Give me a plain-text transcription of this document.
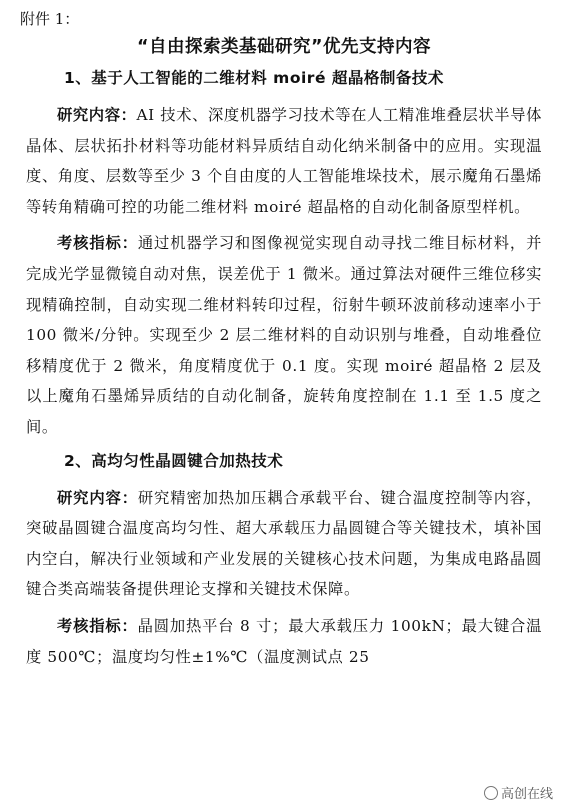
附件 1：
“自由探索类基础研究”优先支持内容
1、基于人工智能的二维材料 moiré 超晶格制备技术

研究内容：AI 技术、深度机器学习技术等在人工精准堆叠层状半导体晶体、层状拓扑材料等功能材料异质结自动化纳米制备中的应用。实现温度、角度、层数等至少 3 个自由度的人工智能堆垛技术，展示魔角石墨烯等转角精确可控的功能二维材料 moiré 超晶格的自动化制备原型样机。

考核指标：通过机器学习和图像视觉实现自动寻找二维目标材料，并完成光学显微镜自动对焦，误差优于 1 微米。通过算法对硬件三维位移实现精确控制，自动实现二维材料转印过程，衍射牛顿环波前移动速率小于 100 微米/分钟。实现至少 2 层二维材料的自动识别与堆叠，自动堆叠位移精度优于 2 微米，角度精度优于 0.1 度。实现 moiré 超晶格 2 层及以上魔角石墨烯异质结的自动化制备，旋转角度控制在 1.1 至 1.5 度之间。

2、高均匀性晶圆键合加热技术

研究内容：研究精密加热加压耦合承载平台、键合温度控制等内容，突破晶圆键合温度高均匀性、超大承载压力晶圆键合等关键技术，填补国内空白，解决行业领域和产业发展的关键核心技术问题，为集成电路晶圆键合类高端装备提供理论支撑和关键技术保障。

考核指标：晶圆加热平台 8 寸；最大承载压力 100kN；最大键合温度 500℃；温度均匀性±1%℃（温度测试点 25

高创在线
